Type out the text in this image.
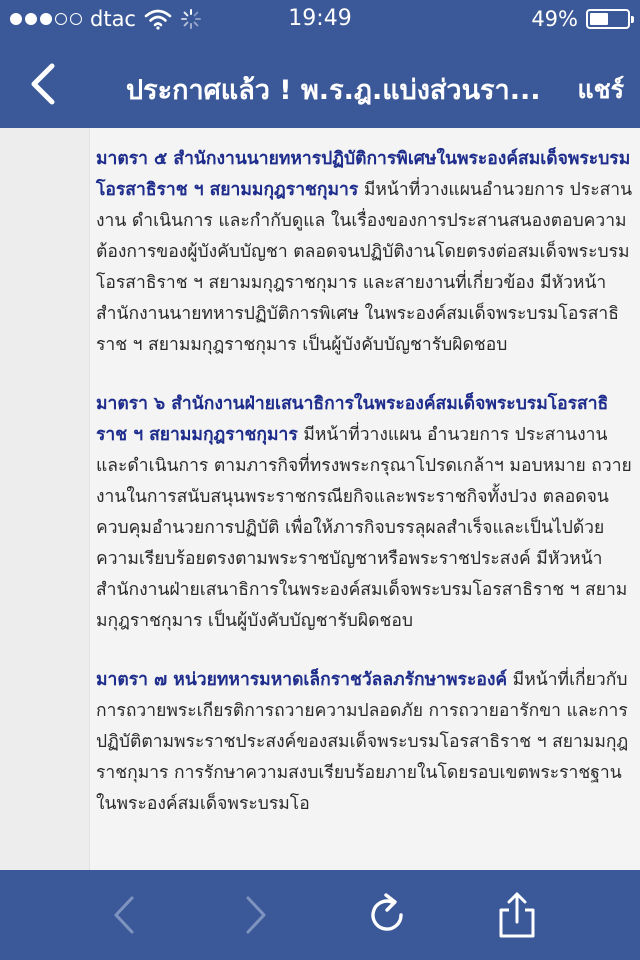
dtac	19:49	49%
ประกาศแล้ว ! พ.ร.ฎ.แบ่งส่วนรา...	แชร์

มาตรา ๕ สำนักงานนายทหารปฏิบัติการพิเศษในพระองค์สมเด็จพระบรมโอรสาธิราช ฯ สยามมกุฎราชกุมาร มีหน้าที่วางแผนอำนวยการ ประสานงาน ดำเนินการ และกำกับดูแล ในเรื่องของการประสานสนองตอบความต้องการของผู้บังคับบัญชา ตลอดจนปฏิบัติงานโดยตรงต่อสมเด็จพระบรม โอรสาธิราช ฯ สยามมกุฎราชกุมาร และสายงานที่เกี่ยวข้อง มีหัวหน้าสำนักงานนายทหารปฏิบัติการพิเศษ ในพระองค์สมเด็จพระบรมโอรสาธิราช ฯ สยามมกุฎราชกุมาร เป็นผู้บังคับบัญชารับผิดชอบ

มาตรา ๖ สำนักงานฝ่ายเสนาธิการในพระองค์สมเด็จพระบรมโอรสาธิราช ฯ สยามมกุฎราชกุมาร มีหน้าที่วางแผน อำนวยการ ประสานงาน และดำเนินการ ตามภารกิจที่ทรงพระกรุณาโปรดเกล้าฯ มอบหมาย ถวายงานในการสนับสนุนพระราชกรณียกิจและพระราชกิจทั้งปวง ตลอดจนควบคุมอำนวยการปฏิบัติ เพื่อให้ภารกิจบรรลุผลสำเร็จและเป็นไปด้วยความเรียบร้อยตรงตามพระราชบัญชาหรือพระราชประสงค์ มีหัวหน้าสำนักงานฝ่ายเสนาธิการในพระองค์สมเด็จพระบรมโอรสาธิราช ฯ สยามมกุฎราชกุมาร เป็นผู้บังคับบัญชารับผิดชอบ

มาตรา ๗ หน่วยทหารมหาดเล็กราชวัลลภรักษาพระองค์ มีหน้าที่เกี่ยวกับการถวายพระเกียรติการถวายความปลอดภัย การถวายอารักขา และการปฏิบัติตามพระราชประสงค์ของสมเด็จพระบรมโอรสาธิราช ฯ สยามมกุฎราชกุมาร การรักษาความสงบเรียบร้อยภายในโดยรอบเขตพระราชฐานในพระองค์สมเด็จพระบรมโอ
